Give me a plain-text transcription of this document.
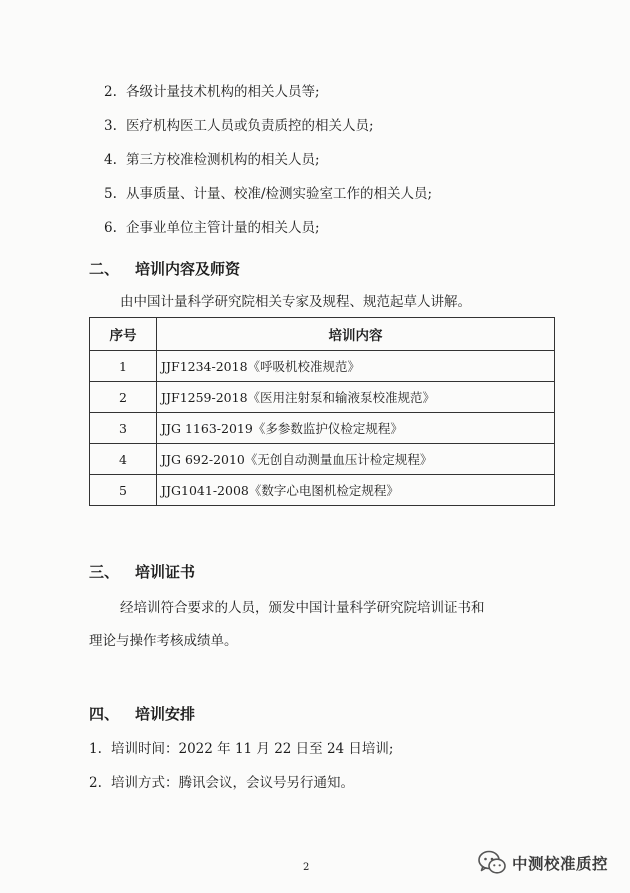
2. 各级计量技术机构的相关人员等;
3. 医疗机构医工人员或负责质控的相关人员;
4. 第三方校准检测机构的相关人员;
5. 从事质量、计量、校准/检测实验室工作的相关人员;
6. 企事业单位主管计量的相关人员;
二、 培训内容及师资
由中国计量科学研究院相关专家及规程、规范起草人讲解。
序号	培训内容
1	JJF1234-2018《呼吸机校准规范》
2	JJF1259-2018《医用注射泵和输液泵校准规范》
3	JJG 1163-2019《多参数监护仪检定规程》
4	JJG 692-2010《无创自动测量血压计检定规程》
5	JJG1041-2008《数字心电图机检定规程》
三、 培训证书
经培训符合要求的人员，颁发中国计量科学研究院培训证书和
理论与操作考核成绩单。
四、 培训安排
1. 培训时间：2022 年 11 月 22 日至 24 日培训;
2. 培训方式：腾讯会议，会议号另行通知。
2	中测校准质控
